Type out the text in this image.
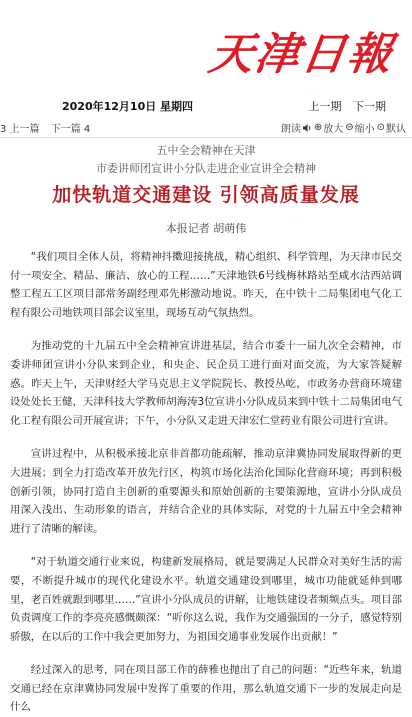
天津日報
2020年12月10日 星期四	上一期 下一期
3 上一篇 下一篇 4	朗读 ⊕ 放大 ⊖ 缩小 ⊙ 默认
五中全会精神在天津
市委讲师团宣讲小分队走进企业宣讲全会精神
加快轨道交通建设 引领高质量发展
本报记者 胡萌伟

“我们项目全体人员，将精神抖擞迎接挑战，精心组织、科学管理，为天津市民交付一项安全、精品、廉洁、放心的工程……”天津地铁6号线梅林路站至咸水沽西站调整工程五工区项目部常务副经理邓先彬激动地说。昨天，在中铁十二局集团电气化工程有限公司地铁项目部会议室里，现场互动气氛热烈。

为推动党的十九届五中全会精神宣讲进基层，结合市委十一届九次全会精神，市委讲师团宣讲小分队来到企业，和央企、民企员工进行面对面交流，为大家答疑解惑。昨天上午，天津财经大学马克思主义学院院长、教授丛屹，市政务办营商环境建设处处长王健，天津科技大学教师胡海涛3位宣讲小分队成员来到中铁十二局集团电气化工程有限公司开展宣讲；下午，小分队又走进天津宏仁堂药业有限公司进行宣讲。

宣讲过程中，从积极承接北京非首都功能疏解，推动京津冀协同发展取得新的更大进展；到全力打造改革开放先行区，构筑市场化法治化国际化营商环境；再到积极创新引领，协同打造自主创新的重要源头和原始创新的主要策源地，宣讲小分队成员用深入浅出、生动形象的语言，并结合企业的具体实际，对党的十九届五中全会精神进行了清晰的解读。

“对于轨道交通行业来说，构建新发展格局，就是要满足人民群众对美好生活的需要，不断提升城市的现代化建设水平。轨道交通建设到哪里，城市功能就延伸到哪里，老百姓就跟到哪里……”宣讲小分队成员的讲解，让地铁建设者频频点头。项目部负责调度工作的李亮亮感慨颇深：“听你这么说，我作为交通强国的一分子，感觉特别骄傲，在以后的工作中我会更加努力，为祖国交通事业发展作出贡献！”

经过深入的思考，同在项目部工作的薛雅也抛出了自己的问题：“近些年来，轨道交通已经在京津冀协同发展中发挥了重要的作用，那么轨道交通下一步的发展走向是什么
